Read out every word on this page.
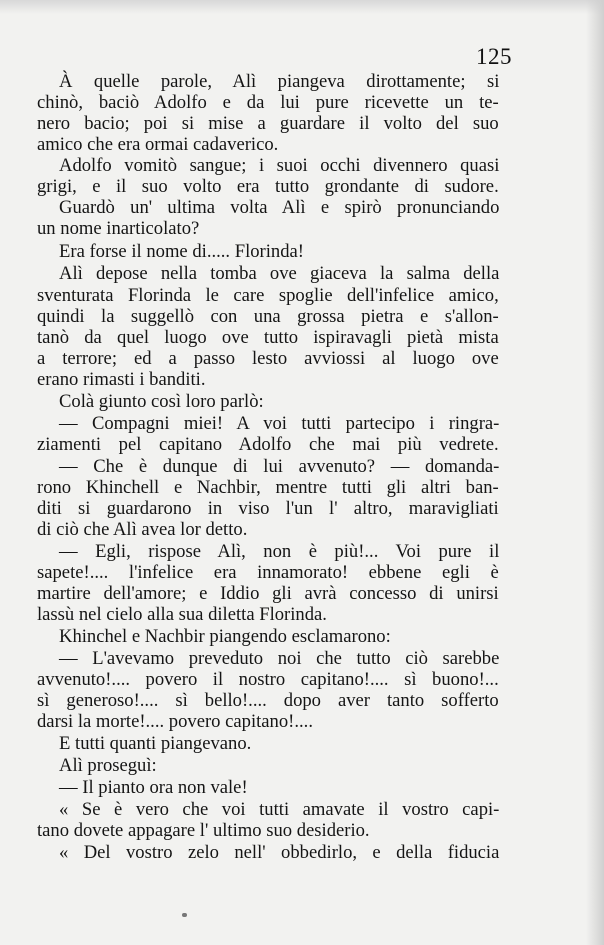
125
À quelle parole, Alì piangeva dirottamente; si
chinò, baciò Adolfo e da lui pure ricevette un te-
nero bacio; poi si mise a guardare il volto del suo
amico che era ormai cadaverico.
Adolfo vomitò sangue; i suoi occhi divennero quasi
grigi, e il suo volto era tutto grondante di sudore.
Guardò un' ultima volta Alì e spirò pronunciando
un nome inarticolato?
Era forse il nome di..... Florinda!
Alì depose nella tomba ove giaceva la salma della
sventurata Florinda le care spoglie dell'infelice amico,
quindi la suggellò con una grossa pietra e s'allon-
tanò da quel luogo ove tutto ispiravagli pietà mista
a terrore; ed a passo lesto avviossi al luogo ove
erano rimasti i banditi.
Colà giunto così loro parlò:
— Compagni miei! A voi tutti partecipo i ringra-
ziamenti pel capitano Adolfo che mai più vedrete.
— Che è dunque di lui avvenuto? — domanda-
rono Khinchell e Nachbir, mentre tutti gli altri ban-
diti si guardarono in viso l'un l' altro, maravigliati
di ciò che Alì avea lor detto.
— Egli, rispose Alì, non è più!... Voi pure il
sapete!.... l'infelice era innamorato! ebbene egli è
martire dell'amore; e Iddio gli avrà concesso di unirsi
lassù nel cielo alla sua diletta Florinda.
Khinchel e Nachbir piangendo esclamarono:
— L'avevamo preveduto noi che tutto ciò sarebbe
avvenuto!.... povero il nostro capitano!.... sì buono!...
sì generoso!.... sì bello!.... dopo aver tanto sofferto
darsi la morte!.... povero capitano!....
E tutti quanti piangevano.
Alì proseguì:
— Il pianto ora non vale!
« Se è vero che voi tutti amavate il vostro capi-
tano dovete appagare l' ultimo suo desiderio.
« Del vostro zelo nell' obbedirlo, e della fiducia
